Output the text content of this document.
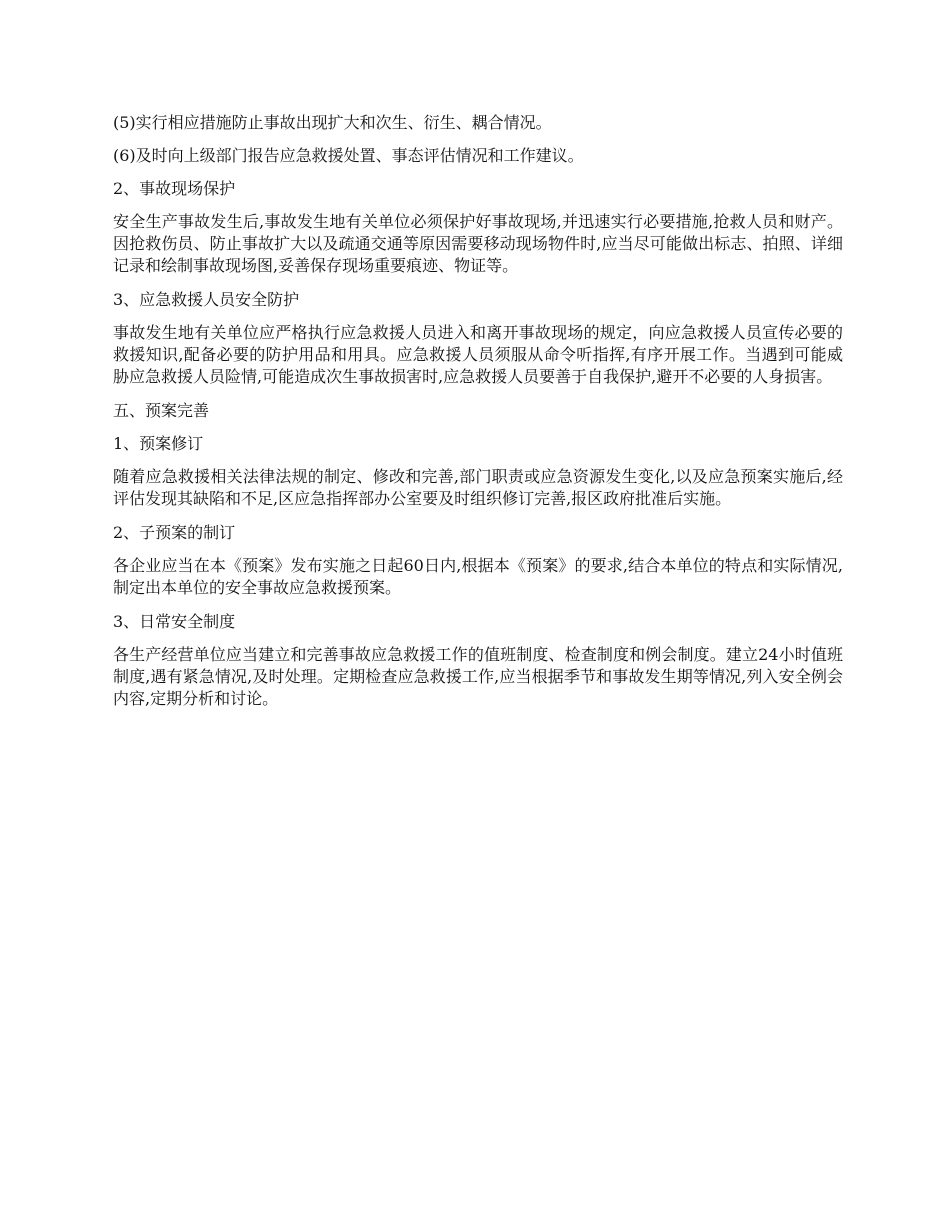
(5)实行相应措施防止事故出现扩大和次生、衍生、耦合情况。

(6)及时向上级部门报告应急救援处置、事态评估情况和工作建议。

2、事故现场保护

安全生产事故发生后,事故发生地有关单位必须保护好事故现场,并迅速实行必要措施,抢救人员和财产。因抢救伤员、防止事故扩大以及疏通交通等原因需要移动现场物件时,应当尽可能做出标志、拍照、详细记录和绘制事故现场图,妥善保存现场重要痕迹、物证等。

3、应急救援人员安全防护

事故发生地有关单位应严格执行应急救援人员进入和离开事故现场的规定，向应急救援人员宣传必要的救援知识,配备必要的防护用品和用具。应急救援人员须服从命令听指挥,有序开展工作。当遇到可能威胁应急救援人员险情,可能造成次生事故损害时,应急救援人员要善于自我保护,避开不必要的人身损害。

五、预案完善

1、预案修订

随着应急救援相关法律法规的制定、修改和完善,部门职责或应急资源发生变化,以及应急预案实施后,经评估发现其缺陷和不足,区应急指挥部办公室要及时组织修订完善,报区政府批准后实施。

2、子预案的制订

各企业应当在本《预案》发布实施之日起60日内,根据本《预案》的要求,结合本单位的特点和实际情况,制定出本单位的安全事故应急救援预案。

3、日常安全制度

各生产经营单位应当建立和完善事故应急救援工作的值班制度、检查制度和例会制度。建立24小时值班制度,遇有紧急情况,及时处理。定期检查应急救援工作,应当根据季节和事故发生期等情况,列入安全例会内容,定期分析和讨论。
